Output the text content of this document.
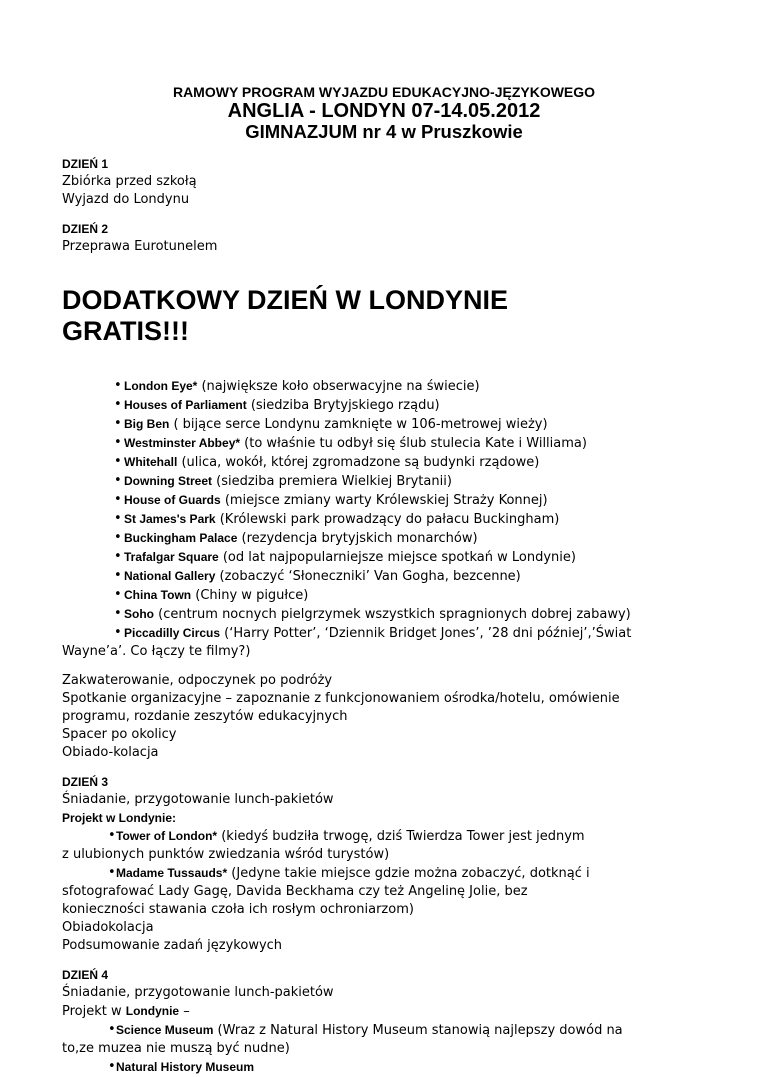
RAMOWY PROGRAM WYJAZDU EDUKACYJNO-JĘZYKOWEGO
ANGLIA - LONDYN 07-14.05.2012
GIMNAZJUM nr 4 w Pruszkowie
DZIEŃ 1
Zbiórka przed szkołą
Wyjazd do Londynu
DZIEŃ 2
Przeprawa Eurotunelem
DODATKOWY DZIEŃ W LONDYNIE
GRATIS!!!
• London Eye* (największe koło obserwacyjne na świecie)
• Houses of Parliament (siedziba Brytyjskiego rządu)
• Big Ben ( bijące serce Londynu zamknięte w 106-metrowej wieży)
• Westminster Abbey* (to właśnie tu odbył się ślub stulecia Kate i Williama)
• Whitehall (ulica, wokół, której zgromadzone są budynki rządowe)
• Downing Street (siedziba premiera Wielkiej Brytanii)
• House of Guards (miejsce zmiany warty Królewskiej Straży Konnej)
• St James's Park (Królewski park prowadzący do pałacu Buckingham)
• Buckingham Palace (rezydencja brytyjskich monarchów)
• Trafalgar Square (od lat najpopularniejsze miejsce spotkań w Londynie)
• National Gallery (zobaczyć ‘Słoneczniki’ Van Gogha, bezcenne)
• China Town (Chiny w pigułce)
• Soho (centrum nocnych pielgrzymek wszystkich spragnionych dobrej zabawy)
• Piccadilly Circus (‘Harry Potter’, ‘Dziennik Bridget Jones’, ’28 dni później’,’Świat
Wayne’a’. Co łączy te filmy?)
Zakwaterowanie, odpoczynek po podróży
Spotkanie organizacyjne – zapoznanie z funkcjonowaniem ośrodka/hotelu, omówienie
programu, rozdanie zeszytów edukacyjnych
Spacer po okolicy
Obiado-kolacja
DZIEŃ 3
Śniadanie, przygotowanie lunch-pakietów
Projekt w Londynie:
• Tower of London* (kiedyś budziła trwogę, dziś Twierdza Tower jest jednym
z ulubionych punktów zwiedzania wśród turystów)
• Madame Tussauds* (Jedyne takie miejsce gdzie można zobaczyć, dotknąć i
sfotografować Lady Gagę, Davida Beckhama czy też Angelinę Jolie, bez
konieczności stawania czoła ich rosłym ochroniarzom)
Obiadokolacja
Podsumowanie zadań językowych
DZIEŃ 4
Śniadanie, przygotowanie lunch-pakietów
Projekt w Londynie –
• Science Museum (Wraz z Natural History Museum stanowią najlepszy dowód na
to,ze muzea nie muszą być nudne)
• Natural History Museum
